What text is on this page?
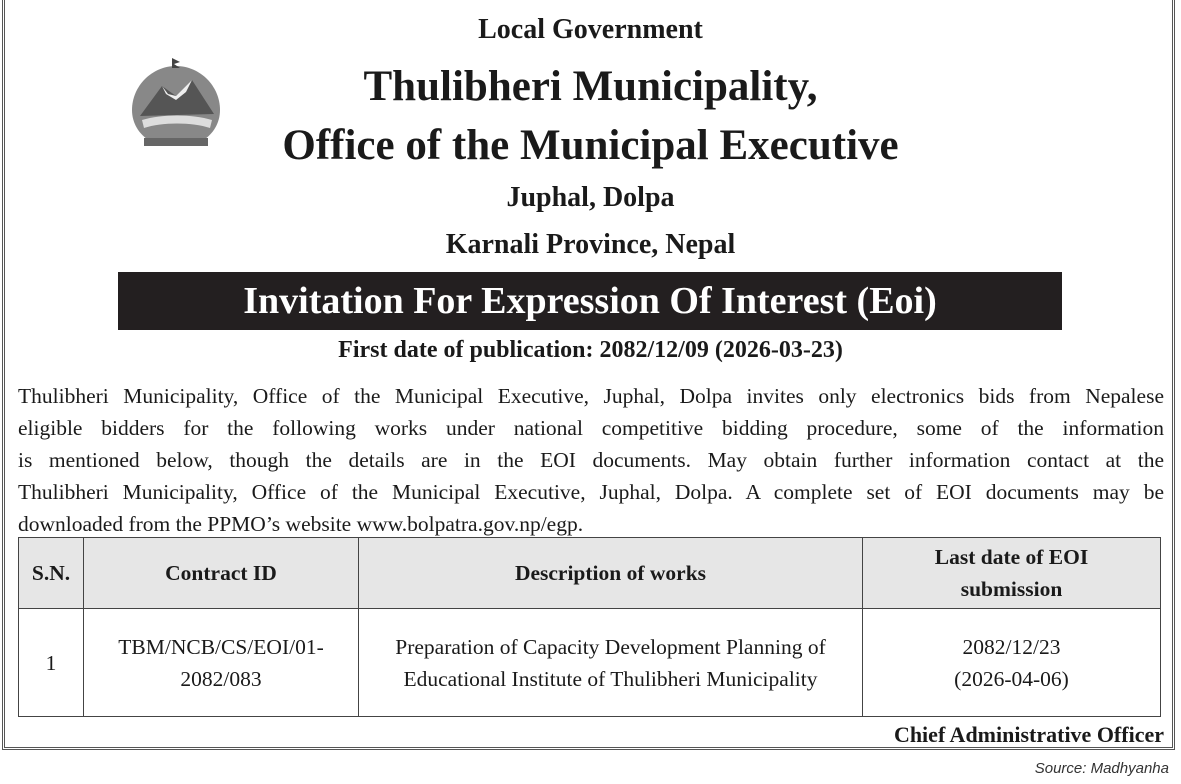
Local Government
Thulibheri Municipality,
Office of the Municipal Executive
Juphal, Dolpa
Karnali Province, Nepal
Invitation For Expression Of Interest (Eoi)
First date of publication: 2082/12/09 (2026-03-23)
Thulibheri Municipality, Office of the Municipal Executive, Juphal, Dolpa invites only electronics bids from Nepalese
eligible bidders for the following works under national competitive bidding procedure, some of the information
is mentioned below, though the details are in the EOI documents. May obtain further information contact at the
Thulibheri Municipality, Office of the Municipal Executive, Juphal, Dolpa. A complete set of EOI documents may be
downloaded from the PPMO’s website www.bolpatra.gov.np/egp.
S.N.	Contract ID	Description of works	Last date of EOI submission
1	TBM/NCB/CS/EOI/01-2082/083	Preparation of Capacity Development Planning of Educational Institute of Thulibheri Municipality	2082/12/23
(2026-04-06)
Chief Administrative Officer
Source: Madhyanha
